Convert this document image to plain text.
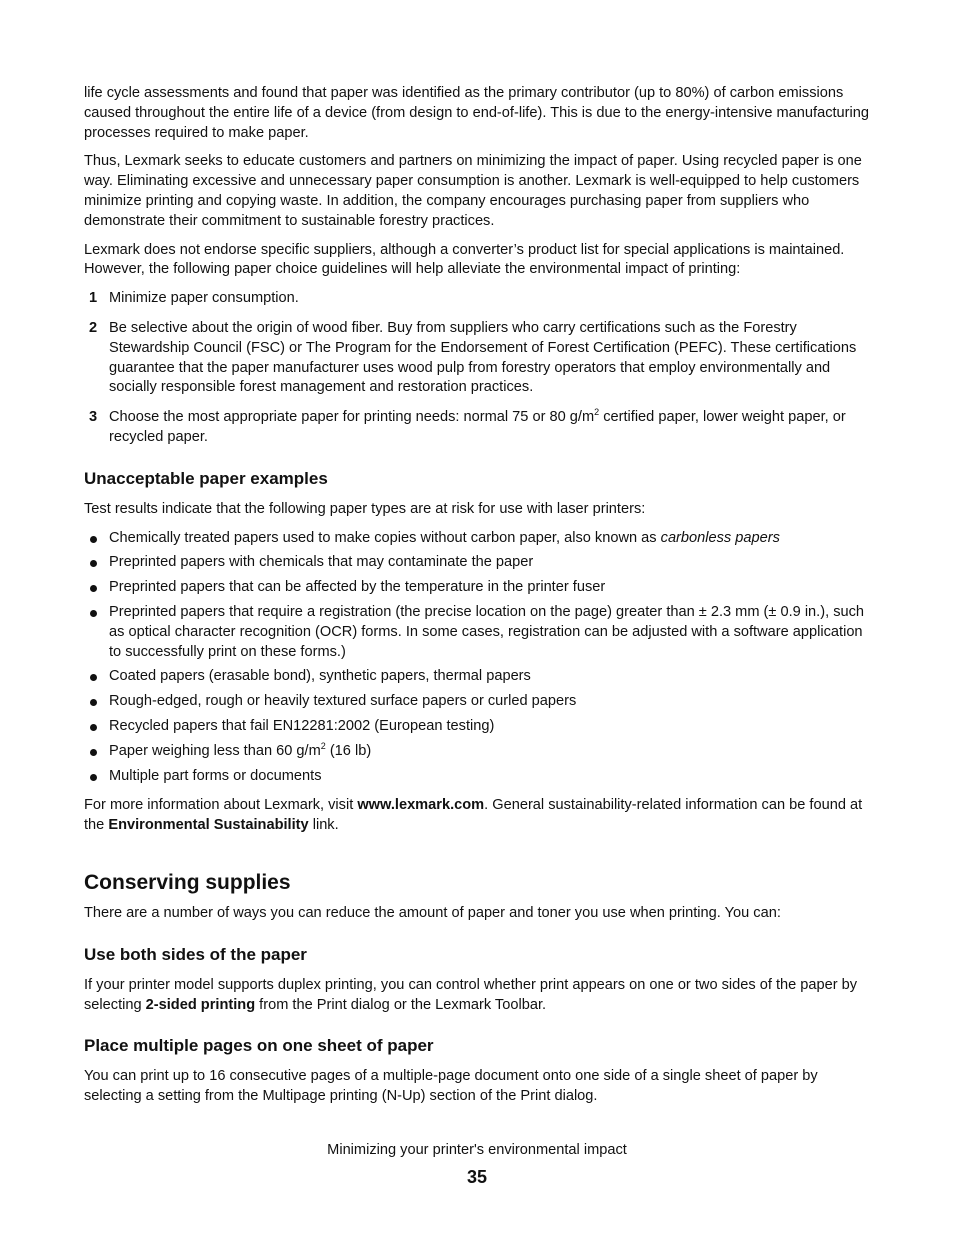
life cycle assessments and found that paper was identified as the primary contributor (up to 80%) of carbon emissions caused throughout the entire life of a device (from design to end-of-life). This is due to the energy-intensive manufacturing processes required to make paper.

Thus, Lexmark seeks to educate customers and partners on minimizing the impact of paper. Using recycled paper is one way. Eliminating excessive and unnecessary paper consumption is another. Lexmark is well-equipped to help customers minimize printing and copying waste. In addition, the company encourages purchasing paper from suppliers who demonstrate their commitment to sustainable forestry practices.

Lexmark does not endorse specific suppliers, although a converter’s product list for special applications is maintained. However, the following paper choice guidelines will help alleviate the environmental impact of printing:

1 Minimize paper consumption.
2 Be selective about the origin of wood fiber. Buy from suppliers who carry certifications such as the Forestry Stewardship Council (FSC) or The Program for the Endorsement of Forest Certification (PEFC). These certifications guarantee that the paper manufacturer uses wood pulp from forestry operators that employ environmentally and socially responsible forest management and restoration practices.
3 Choose the most appropriate paper for printing needs: normal 75 or 80 $g/m^2$ certified paper, lower weight paper, or recycled paper.
Unacceptable paper examples

Test results indicate that the following paper types are at risk for use with laser printers:

Chemically treated papers used to make copies without carbon paper, also known as carbonless papers
Preprinted papers with chemicals that may contaminate the paper
Preprinted papers that can be affected by the temperature in the printer fuser
Preprinted papers that require a registration (the precise location on the page) greater than ± 2.3 mm (± 0.9 in.), such as optical character recognition (OCR) forms. In some cases, registration can be adjusted with a software application to successfully print on these forms.)
Coated papers (erasable bond), synthetic papers, thermal papers
Rough-edged, rough or heavily textured surface papers or curled papers
Recycled papers that fail EN12281:2002 (European testing)
Paper weighing less than 60 $g/m^2$ (16 lb)
Multiple part forms or documents

For more information about Lexmark, visit www.lexmark.com. General sustainability-related information can be found at the Environmental Sustainability link.

Conserving supplies

There are a number of ways you can reduce the amount of paper and toner you use when printing. You can:

Use both sides of the paper

If your printer model supports duplex printing, you can control whether print appears on one or two sides of the paper by selecting 2-sided printing from the Print dialog or the Lexmark Toolbar.

Place multiple pages on one sheet of paper

You can print up to 16 consecutive pages of a multiple-page document onto one side of a single sheet of paper by selecting a setting from the Multipage printing (N-Up) section of the Print dialog.

Minimizing your printer's environmental impact
35
